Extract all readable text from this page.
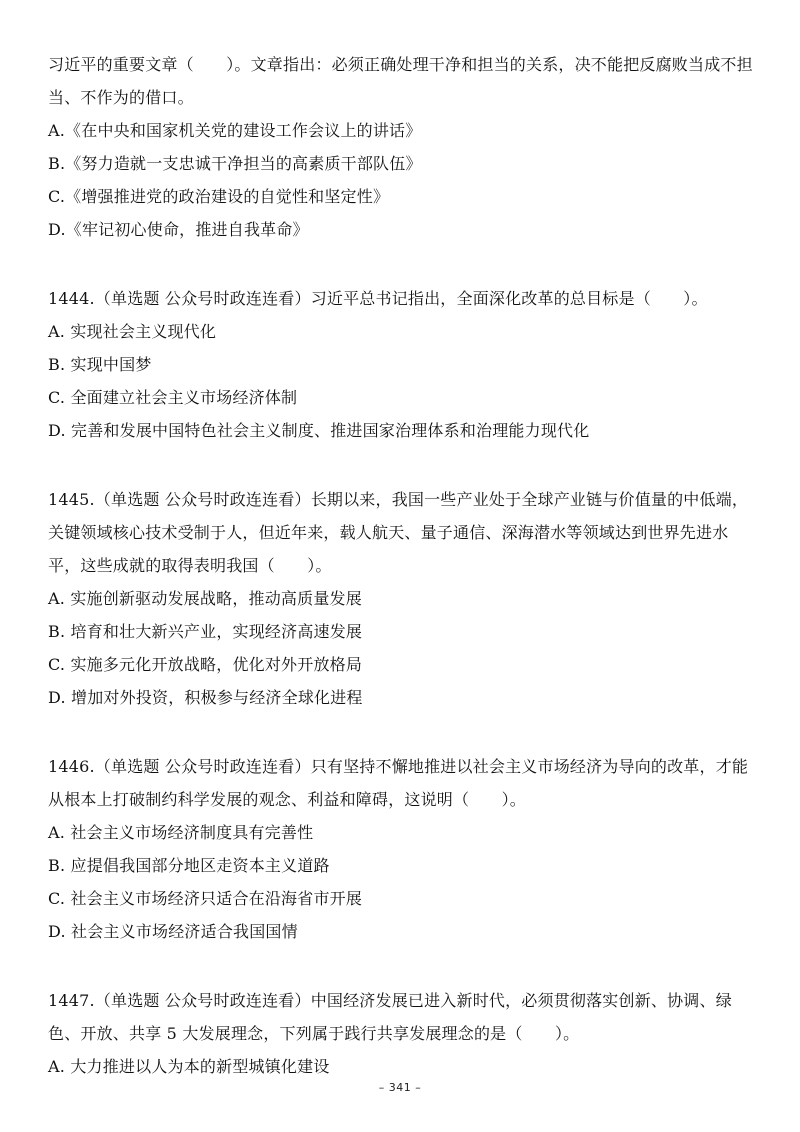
习近平的重要文章（　　）。文章指出：必须正确处理干净和担当的关系，决不能把反腐败当成不担当、不作为的借口。

A.《在中央和国家机关党的建设工作会议上的讲话》

B.《努力造就一支忠诚干净担当的高素质干部队伍》

C.《增强推进党的政治建设的自觉性和坚定性》

D.《牢记初心使命，推进自我革命》

1444.（单选题 公众号时政连连看）习近平总书记指出，全面深化改革的总目标是（　　）。

A. 实现社会主义现代化

B. 实现中国梦

C. 全面建立社会主义市场经济体制

D. 完善和发展中国特色社会主义制度、推进国家治理体系和治理能力现代化

1445.（单选题 公众号时政连连看）长期以来，我国一些产业处于全球产业链与价值量的中低端，关键领域核心技术受制于人，但近年来，载人航天、量子通信、深海潜水等领域达到世界先进水平，这些成就的取得表明我国（　　）。

A. 实施创新驱动发展战略，推动高质量发展

B. 培育和壮大新兴产业，实现经济高速发展

C. 实施多元化开放战略，优化对外开放格局

D. 增加对外投资，积极参与经济全球化进程

1446.（单选题 公众号时政连连看）只有坚持不懈地推进以社会主义市场经济为导向的改革，才能从根本上打破制约科学发展的观念、利益和障碍，这说明（　　）。

A. 社会主义市场经济制度具有完善性

B. 应提倡我国部分地区走资本主义道路

C. 社会主义市场经济只适合在沿海省市开展

D. 社会主义市场经济适合我国国情

1447.（单选题 公众号时政连连看）中国经济发展已进入新时代，必须贯彻落实创新、协调、绿色、开放、共享 5 大发展理念，下列属于践行共享发展理念的是（　　）。

A. 大力推进以人为本的新型城镇化建设

– 341 –
